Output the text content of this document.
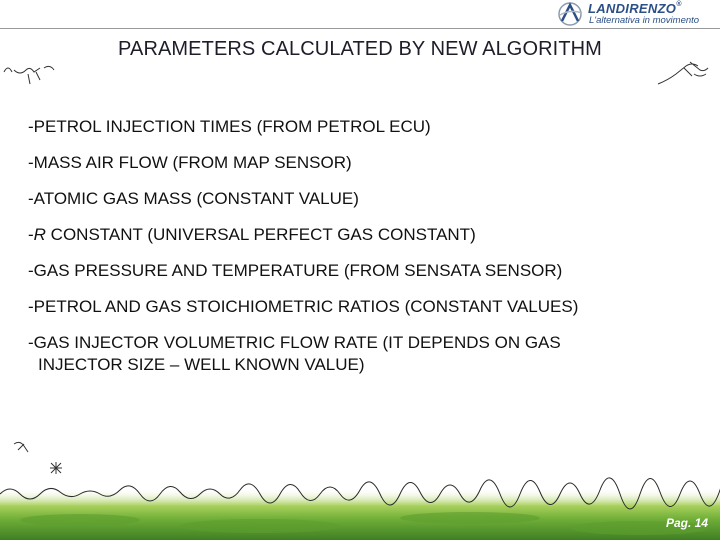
LANDIRENZO®
L'alternativa in movimento
PARAMETERS CALCULATED BY NEW ALGORITHM
-PETROL INJECTION TIMES (FROM PETROL ECU)
-MASS AIR FLOW (FROM MAP SENSOR)
-ATOMIC GAS MASS (CONSTANT VALUE)
-R CONSTANT (UNIVERSAL PERFECT GAS CONSTANT)
-GAS PRESSURE AND TEMPERATURE (FROM SENSATA SENSOR)
-PETROL AND GAS STOICHIOMETRIC RATIOS (CONSTANT VALUES)
-GAS INJECTOR VOLUMETRIC FLOW RATE (IT DEPENDS ON GAS
INJECTOR SIZE – WELL KNOWN VALUE)
Pag. 14
